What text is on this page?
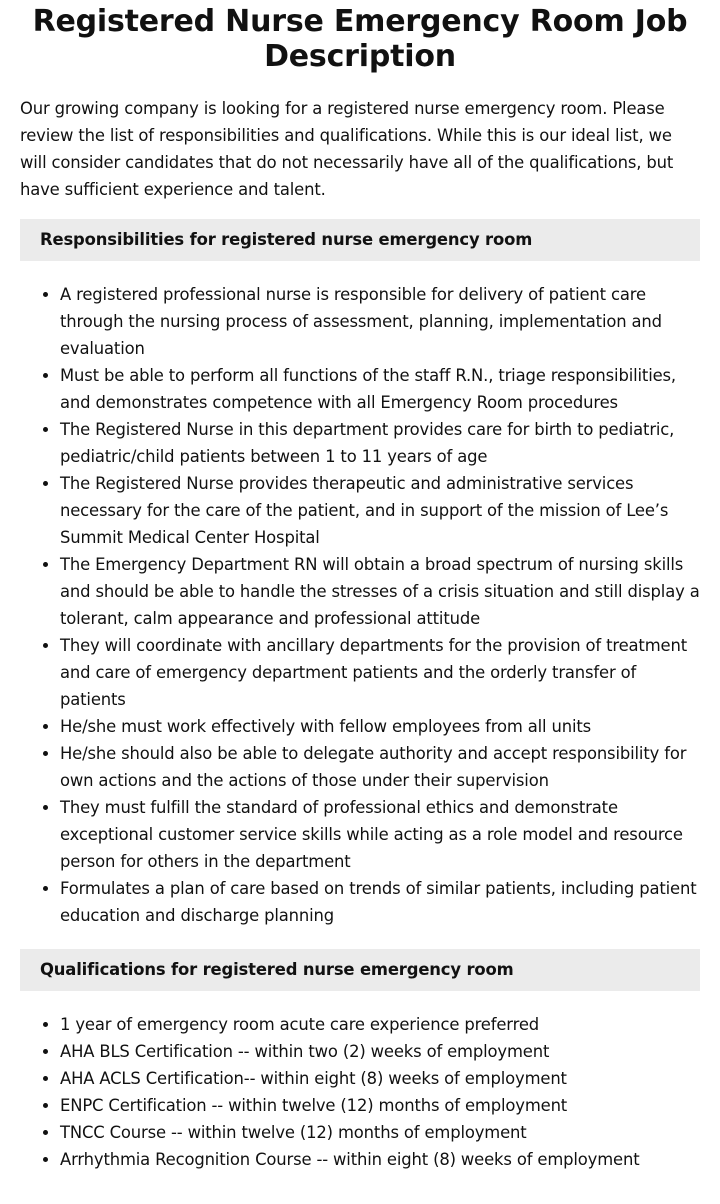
Registered Nurse Emergency Room Job Description

Our growing company is looking for a registered nurse emergency room. Please review the list of responsibilities and qualifications. While this is our ideal list, we will consider candidates that do not necessarily have all of the qualifications, but have sufficient experience and talent.

Responsibilities for registered nurse emergency room
• A registered professional nurse is responsible for delivery of patient care through the nursing process of assessment, planning, implementation and evaluation
• Must be able to perform all functions of the staff R.N., triage responsibilities, and demonstrates competence with all Emergency Room procedures
• The Registered Nurse in this department provides care for birth to pediatric, pediatric/child patients between 1 to 11 years of age
• The Registered Nurse provides therapeutic and administrative services necessary for the care of the patient, and in support of the mission of Lee’s Summit Medical Center Hospital
• The Emergency Department RN will obtain a broad spectrum of nursing skills and should be able to handle the stresses of a crisis situation and still display a tolerant, calm appearance and professional attitude
• They will coordinate with ancillary departments for the provision of treatment and care of emergency department patients and the orderly transfer of patients
• He/she must work effectively with fellow employees from all units
• He/she should also be able to delegate authority and accept responsibility for own actions and the actions of those under their supervision
• They must fulfill the standard of professional ethics and demonstrate exceptional customer service skills while acting as a role model and resource person for others in the department
• Formulates a plan of care based on trends of similar patients, including patient education and discharge planning
Qualifications for registered nurse emergency room
• 1 year of emergency room acute care experience preferred
• AHA BLS Certification -- within two (2) weeks of employment
• AHA ACLS Certification-- within eight (8) weeks of employment
• ENPC Certification -- within twelve (12) months of employment
• TNCC Course -- within twelve (12) months of employment
• Arrhythmia Recognition Course -- within eight (8) weeks of employment
